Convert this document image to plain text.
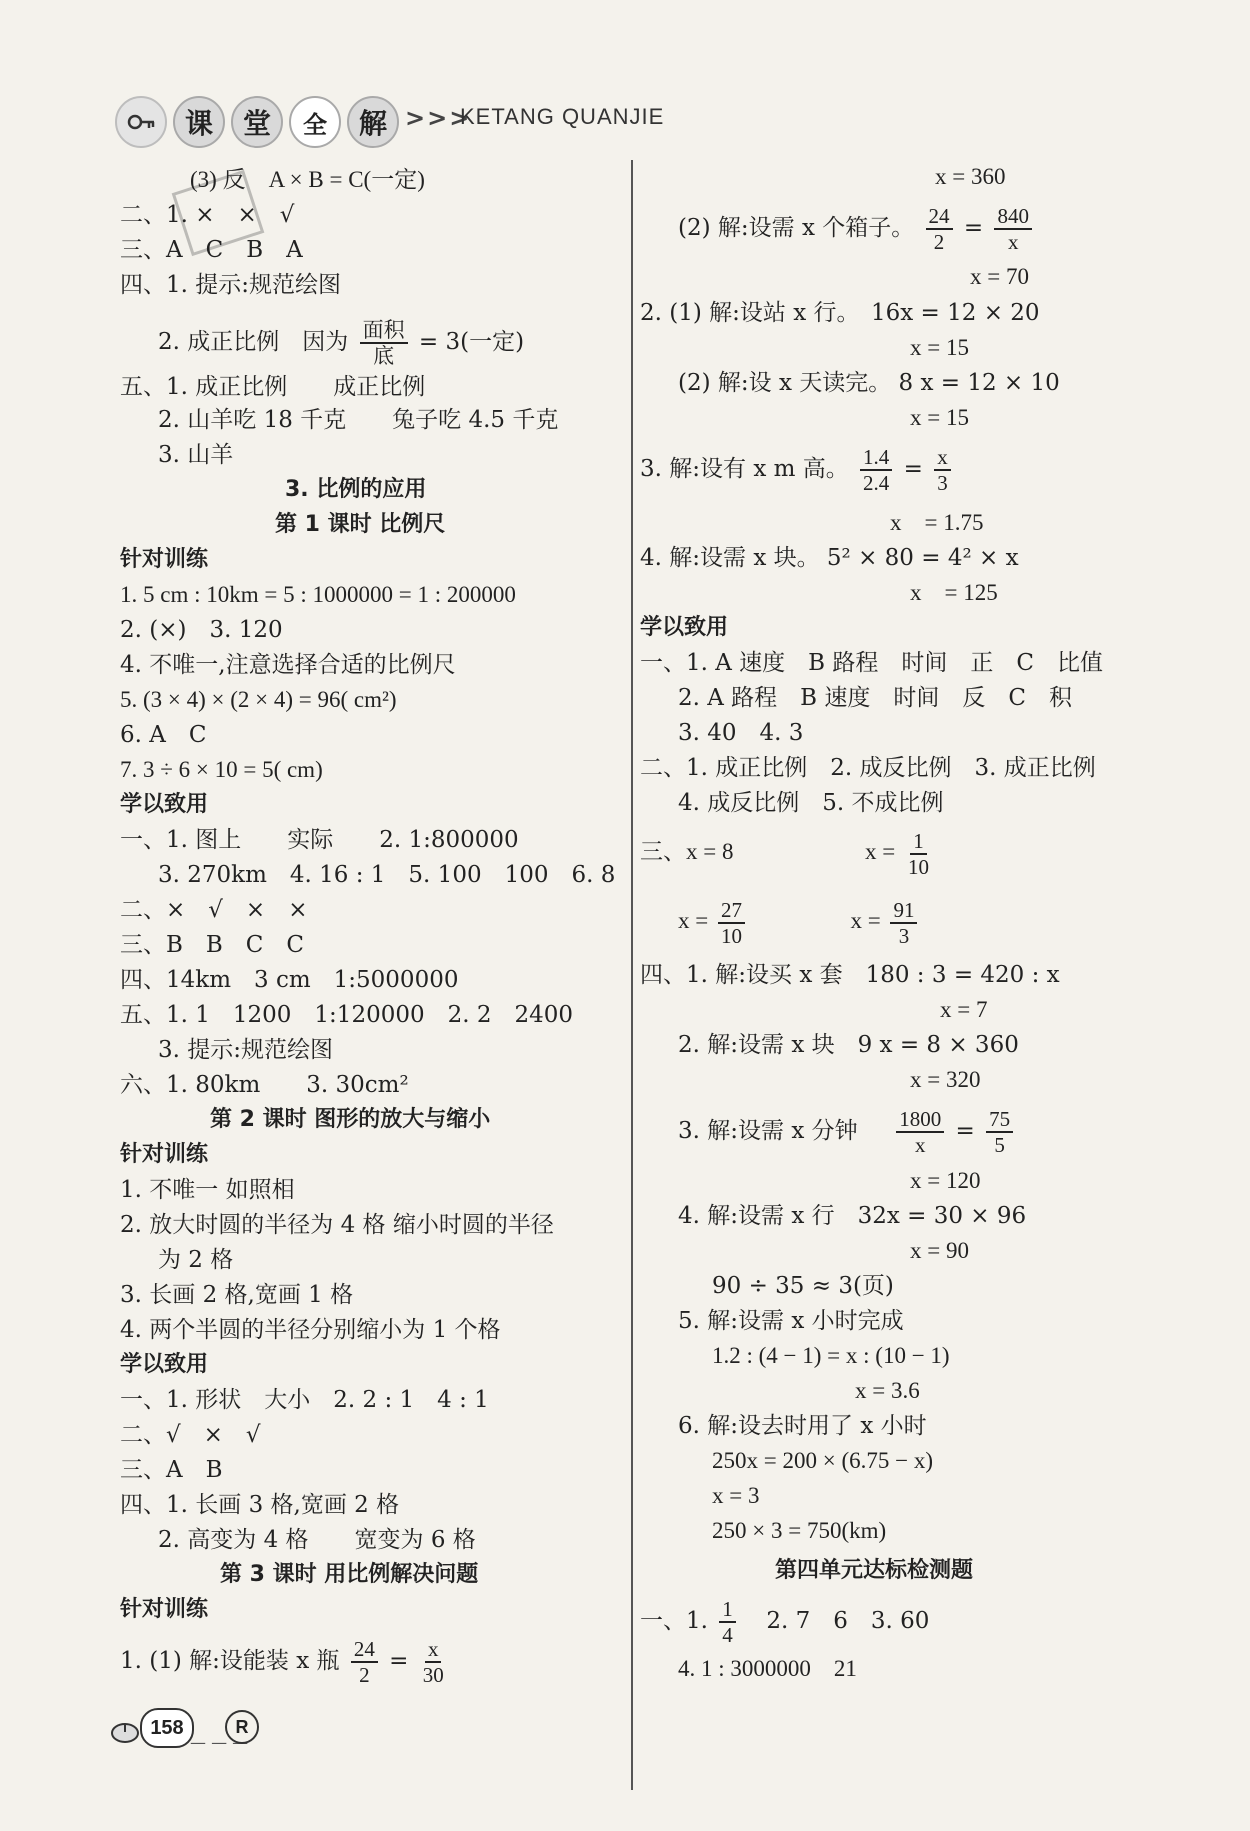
课	堂	全	解 >>>
KETANG QUANJIE
(3) 反　A × B = C(一定)
二、1. ×　×　√
三、A　C　B　A
四、1. 提示:规范绘图
2. 成正比例　因为 $\frac{\text{面积}}{\text{底}} = 3$(一定)
五、1. 成正比例　　成正比例
2. 山羊吃 18 千克　　兔子吃 4.5 千克
3. 山羊
3. 比例的应用
第 1 课时 比例尺
针对训练
1. 5 cm : 10km = 5 : 1000000 = 1 : 200000
2. (×)　3. 120
4. 不唯一,注意选择合适的比例尺
5. (3 × 4) × (2 × 4) = 96( cm²)
6. A　C
7. 3 ÷ 6 × 10 = 5( cm)
学以致用
一、1. 图上　　实际　　2. 1:800000
3. 270km　4. 16 : 1　5. 100　100　6. 8
二、×　√　×　×
三、B　B　C　C
四、14km　3 cm　1:5000000
五、1. 1　1200　1:120000　2. 2　2400
3. 提示:规范绘图
六、1. 80km　　3. 30cm²
第 2 课时 图形的放大与缩小
针对训练
1. 不唯一 如照相
2. 放大时圆的半径为 4 格 缩小时圆的半径
为 2 格
3. 长画 2 格,宽画 1 格
4. 两个半圆的半径分别缩小为 1 个格
学以致用
一、1. 形状　大小　2. 2 : 1　4 : 1
二、√　×　√
三、A　B
四、1. 长画 3 格,宽画 2 格
2. 高变为 4 格　　宽变为 6 格
第 3 课时 用比例解决问题
针对训练
1. (1) 解:设能装 x 瓶 $\frac{24}{2} = \frac{x}{30}$
x = 360
(2) 解:设需 x 个箱子。 $\frac{24}{2} = \frac{840}{x}$
x = 70
2. (1) 解:设站 x 行。　16x = 12 × 20
x = 15
(2) 解:设 x 天读完。 8 x = 12 × 10
x = 15
3. 解:设有 x m 高。 $\frac{1.4}{2.4} = \frac{x}{3}$
x　= 1.75
4. 解:设需 x 块。 5² × 80 = 4² × x
x　= 125
学以致用
一、1. A 速度　B 路程　时间　正　C　比值
2. A 路程　B 速度　时间　反　C　积
3. 40　4. 3
二、1. 成正比例　2. 成反比例　3. 成正比例
4. 成反比例　5. 不成比例
三、x = 8	$x = \frac{1}{10}$
$x = \frac{27}{10}$	$x = \frac{91}{3}$
四、1. 解:设买 x 套　180 : 3 = 420 : x
x = 7
2. 解:设需 x 块　9 x = 8 × 360
x = 320
3. 解:设需 x 分钟 $\frac{1800}{x} = \frac{75}{5}$
x = 120
4. 解:设需 x 行　32x = 30 × 96
x = 90
90 ÷ 35 ≈ 3(页)
5. 解:设需 x 小时完成
1.2 : (4 − 1) = x : (10 − 1)
x = 3.6
6. 解:设去时用了 x 小时
250x = 200 × (6.75 − x)
x = 3
250 × 3 = 750(km)
第四单元达标检测题
一、1. $\frac{1}{4} 2$. 7　6　3. 60
4. 1 : 3000000　21
158
— — —
R
